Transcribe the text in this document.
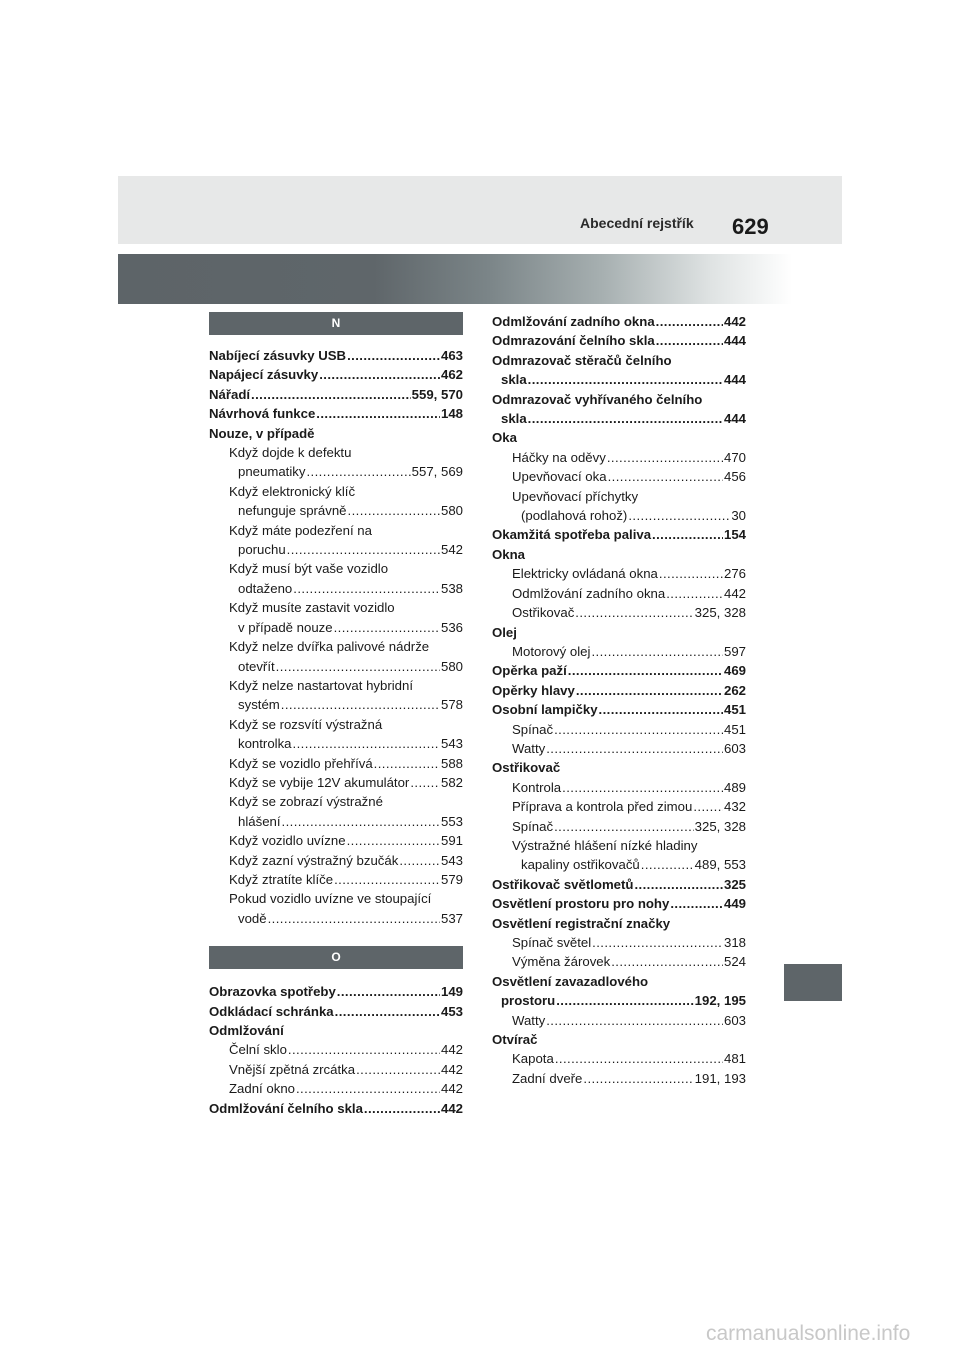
Abecední rejstřík 629
N
Nabíjecí zásuvky USB .....	463
Napájecí zásuvky .....	462
Nářadí .....	559, 570
Návrhová funkce .....	148
Nouze, v případě
Když dojde k defektu
pneumatiky .....	557, 569
Když elektronický klíč
nefunguje správně .....	580
Když máte podezření na
poruchu .....	542
Když musí být vaše vozidlo
odtaženo .....	538
Když musíte zastavit vozidlo
v případě nouze .....	536
Když nelze dvířka palivové nádrže
otevřít .....	580
Když nelze nastartovat hybridní
systém .....	578
Když se rozsvítí výstražná
kontrolka .....	543
Když se vozidlo přehřívá .....	588
Když se vybije 12V akumulátor ..... 582
Když se zobrazí výstražné
hlášení .....	553
Když vozidlo uvízne .....	591
Když zazní výstražný bzučák .....	543
Když ztratíte klíče .....	579
Pokud vozidlo uvízne ve stoupající
vodě .....	537
O
Obrazovka spotřeby .....	149
Odkládací schránka .....	453
Odmlžování
Čelní sklo .....	442
Vnější zpětná zrcátka .....	442
Zadní okno .....	442
Odmlžování čelního skla .....	442
Odmlžování zadního okna .....	442
Odmrazování čelního skla .....	444
Odmrazovač stěračů čelního
skla .....	444
Odmrazovač vyhřívaného čelního
skla .....	444
Oka
Háčky na oděvy .....	470
Upevňovací oka .....	456
Upevňovací příchytky
(podlahová rohož) .....	30
Okamžitá spotřeba paliva .....	154
Okna
Elektricky ovládaná okna .....	276
Odmlžování zadního okna .....	442
Ostřikovač .....	325, 328
Olej
Motorový olej .....	597
Opěrka paží .....	469
Opěrky hlavy .....	262
Osobní lampičky .....	451
Spínač .....	451
Watty .....	603
Ostřikovač
Kontrola .....	489
Příprava a kontrola před zimou ..... 432
Spínač .....	325, 328
Výstražné hlášení nízké hladiny
kapaliny ostřikovačů .....	489, 553
Ostřikovač světlometů .....	325
Osvětlení prostoru pro nohy .....	449
Osvětlení registrační značky
Spínač světel .....	318
Výměna žárovek .....	524
Osvětlení zavazadlového
prostoru .....	192, 195
Watty .....	603
Otvírač
Kapota .....	481
Zadní dveře .....	191, 193
carmanualsonline.info
